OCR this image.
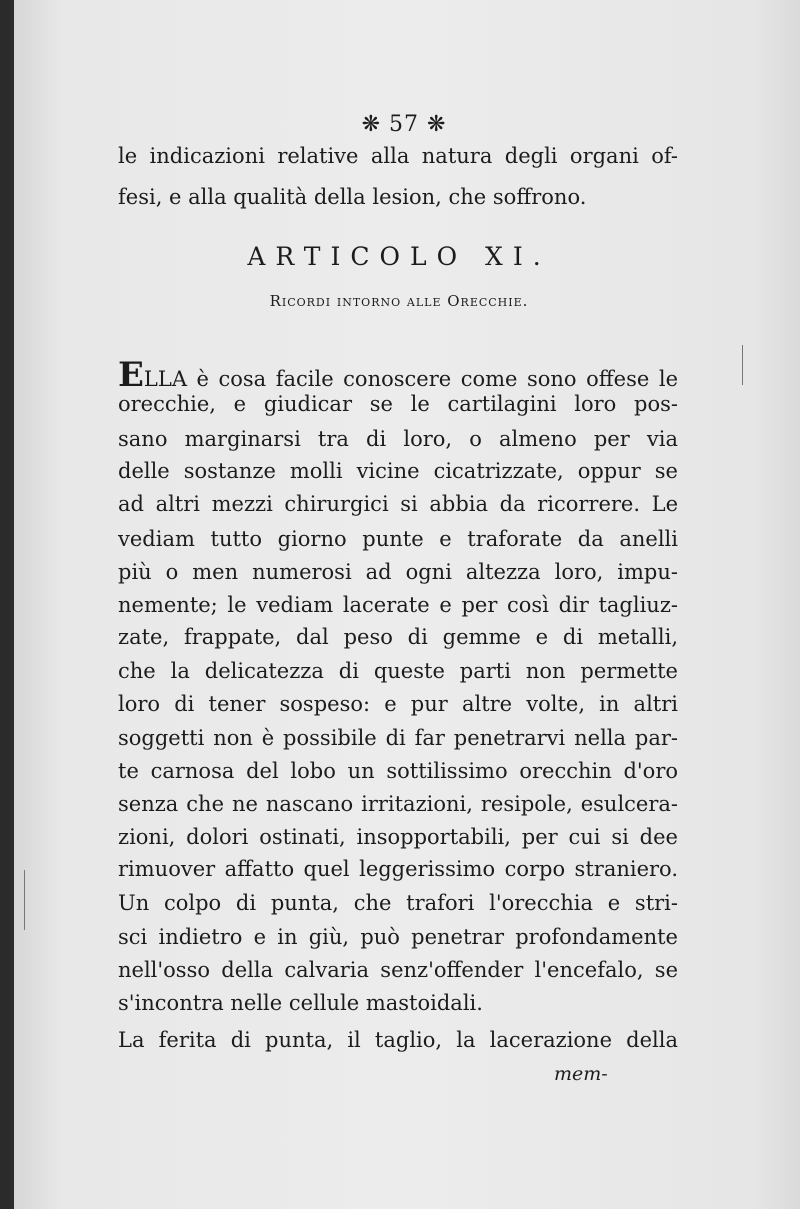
❋ 57 ❋
le indicazioni relative alla natura degli organi of-
fesi, e alla qualità della lesion, che soffrono.
ARTICOLO XI.
Ricordi intorno alle Orecchie.
ELLA è cosa facile conoscere come sono offese le
orecchie, e giudicar se le cartilagini loro pos-
sano marginarsi tra di loro, o almeno per via
delle sostanze molli vicine cicatrizzate, oppur se
ad altri mezzi chirurgici si abbia da ricorrere. Le
vediam tutto giorno punte e traforate da anelli
più o men numerosi ad ogni altezza loro, impu-
nemente; le vediam lacerate e per così dir tagliuz-
zate, frappate, dal peso di gemme e di metalli,
che la delicatezza di queste parti non permette
loro di tener sospeso: e pur altre volte, in altri
soggetti non è possibile di far penetrarvi nella par-
te carnosa del lobo un sottilissimo orecchin d'oro
senza che ne nascano irritazioni, resipole, esulcera-
zioni, dolori ostinati, insopportabili, per cui si dee
rimuover affatto quel leggerissimo corpo straniero.
Un colpo di punta, che trafori l'orecchia e stri-
sci indietro e in giù, può penetrar profondamente
nell'osso della calvaria senz'offender l'encefalo, se
s'incontra nelle cellule mastoidali.
La ferita di punta, il taglio, la lacerazione della
mem-
